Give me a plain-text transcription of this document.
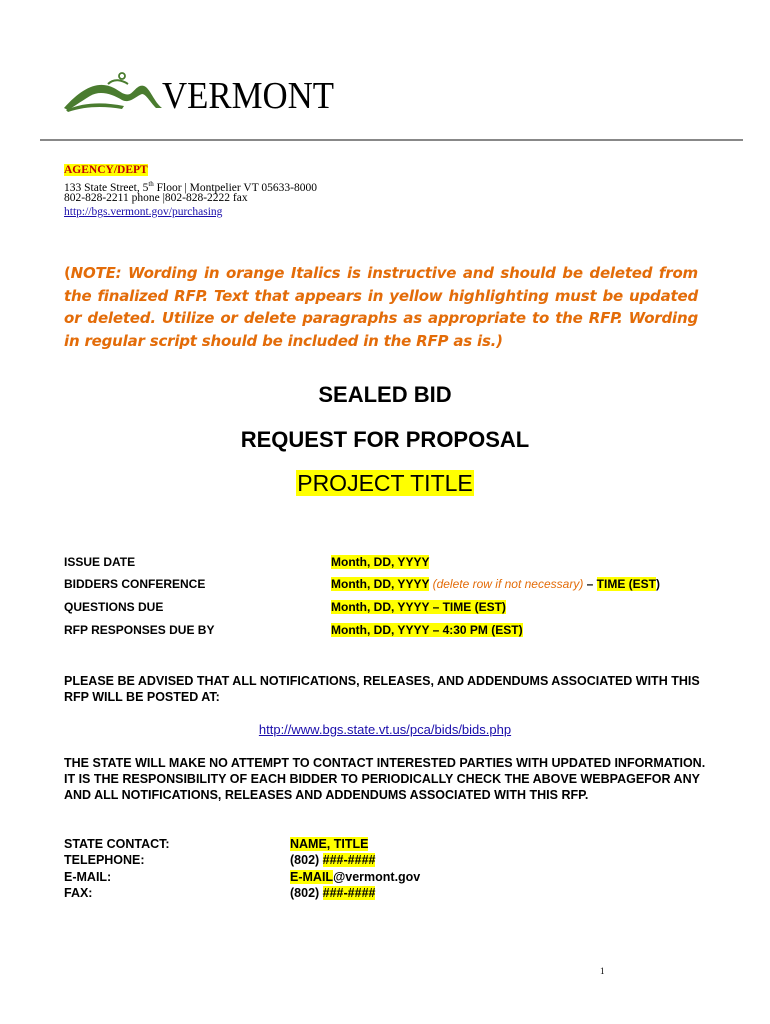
VERMONT
AGENCY/DEPT
133 State Street, 5th Floor | Montpelier VT 05633-8000
802-828-2211 phone |802-828-2222 fax
http://bgs.vermont.gov/purchasing
(NOTE: Wording in orange Italics is instructive and should be deleted from the finalized RFP. Text that appears in yellow highlighting must be updated or deleted. Utilize or delete paragraphs as appropriate to the RFP. Wording in regular script should be included in the RFP as is.)
SEALED BID
REQUEST FOR PROPOSAL
PROJECT TITLE
ISSUE DATE	Month, DD, YYYY
BIDDERS CONFERENCE	Month, DD, YYYY (delete row if not necessary) – TIME (EST)
QUESTIONS DUE	Month, DD, YYYY – TIME (EST)
RFP RESPONSES DUE BY	Month, DD, YYYY – 4:30 PM (EST)
PLEASE BE ADVISED THAT ALL NOTIFICATIONS, RELEASES, AND ADDENDUMS ASSOCIATED WITH THIS RFP WILL BE POSTED AT:
http://www.bgs.state.vt.us/pca/bids/bids.php
THE STATE WILL MAKE NO ATTEMPT TO CONTACT INTERESTED PARTIES WITH UPDATED INFORMATION. IT IS THE RESPONSIBILITY OF EACH BIDDER TO PERIODICALLY CHECK THE ABOVE WEBPAGEFOR ANY AND ALL NOTIFICATIONS, RELEASES AND ADDENDUMS ASSOCIATED WITH THIS RFP.
STATE CONTACT:	NAME, TITLE
TELEPHONE:	(802) ###-####
E-MAIL:	E-MAIL@vermont.gov
FAX:	(802) ###-####
1
